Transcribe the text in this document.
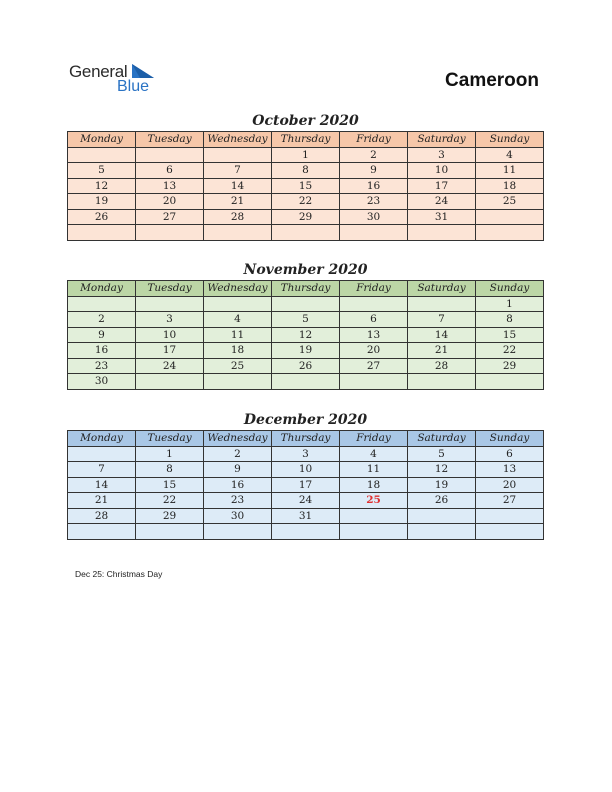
General
Blue	Cameroon
October 2020
Monday	Tuesday	Wednesday	Thursday	Friday	Saturday	Sunday
			1	2	3	4
5	6	7	8	9	10	11
12	13	14	15	16	17	18
19	20	21	22	23	24	25
26	27	28	29	30	31	

November 2020
Monday	Tuesday	Wednesday	Thursday	Friday	Saturday	Sunday
						1
2	3	4	5	6	7	8
9	10	11	12	13	14	15
16	17	18	19	20	21	22
23	24	25	26	27	28	29
30						
December 2020
Monday	Tuesday	Wednesday	Thursday	Friday	Saturday	Sunday
	1	2	3	4	5	6
7	8	9	10	11	12	13
14	15	16	17	18	19	20
21	22	23	24	25	26	27
28	29	30	31			

Dec 25: Christmas Day
